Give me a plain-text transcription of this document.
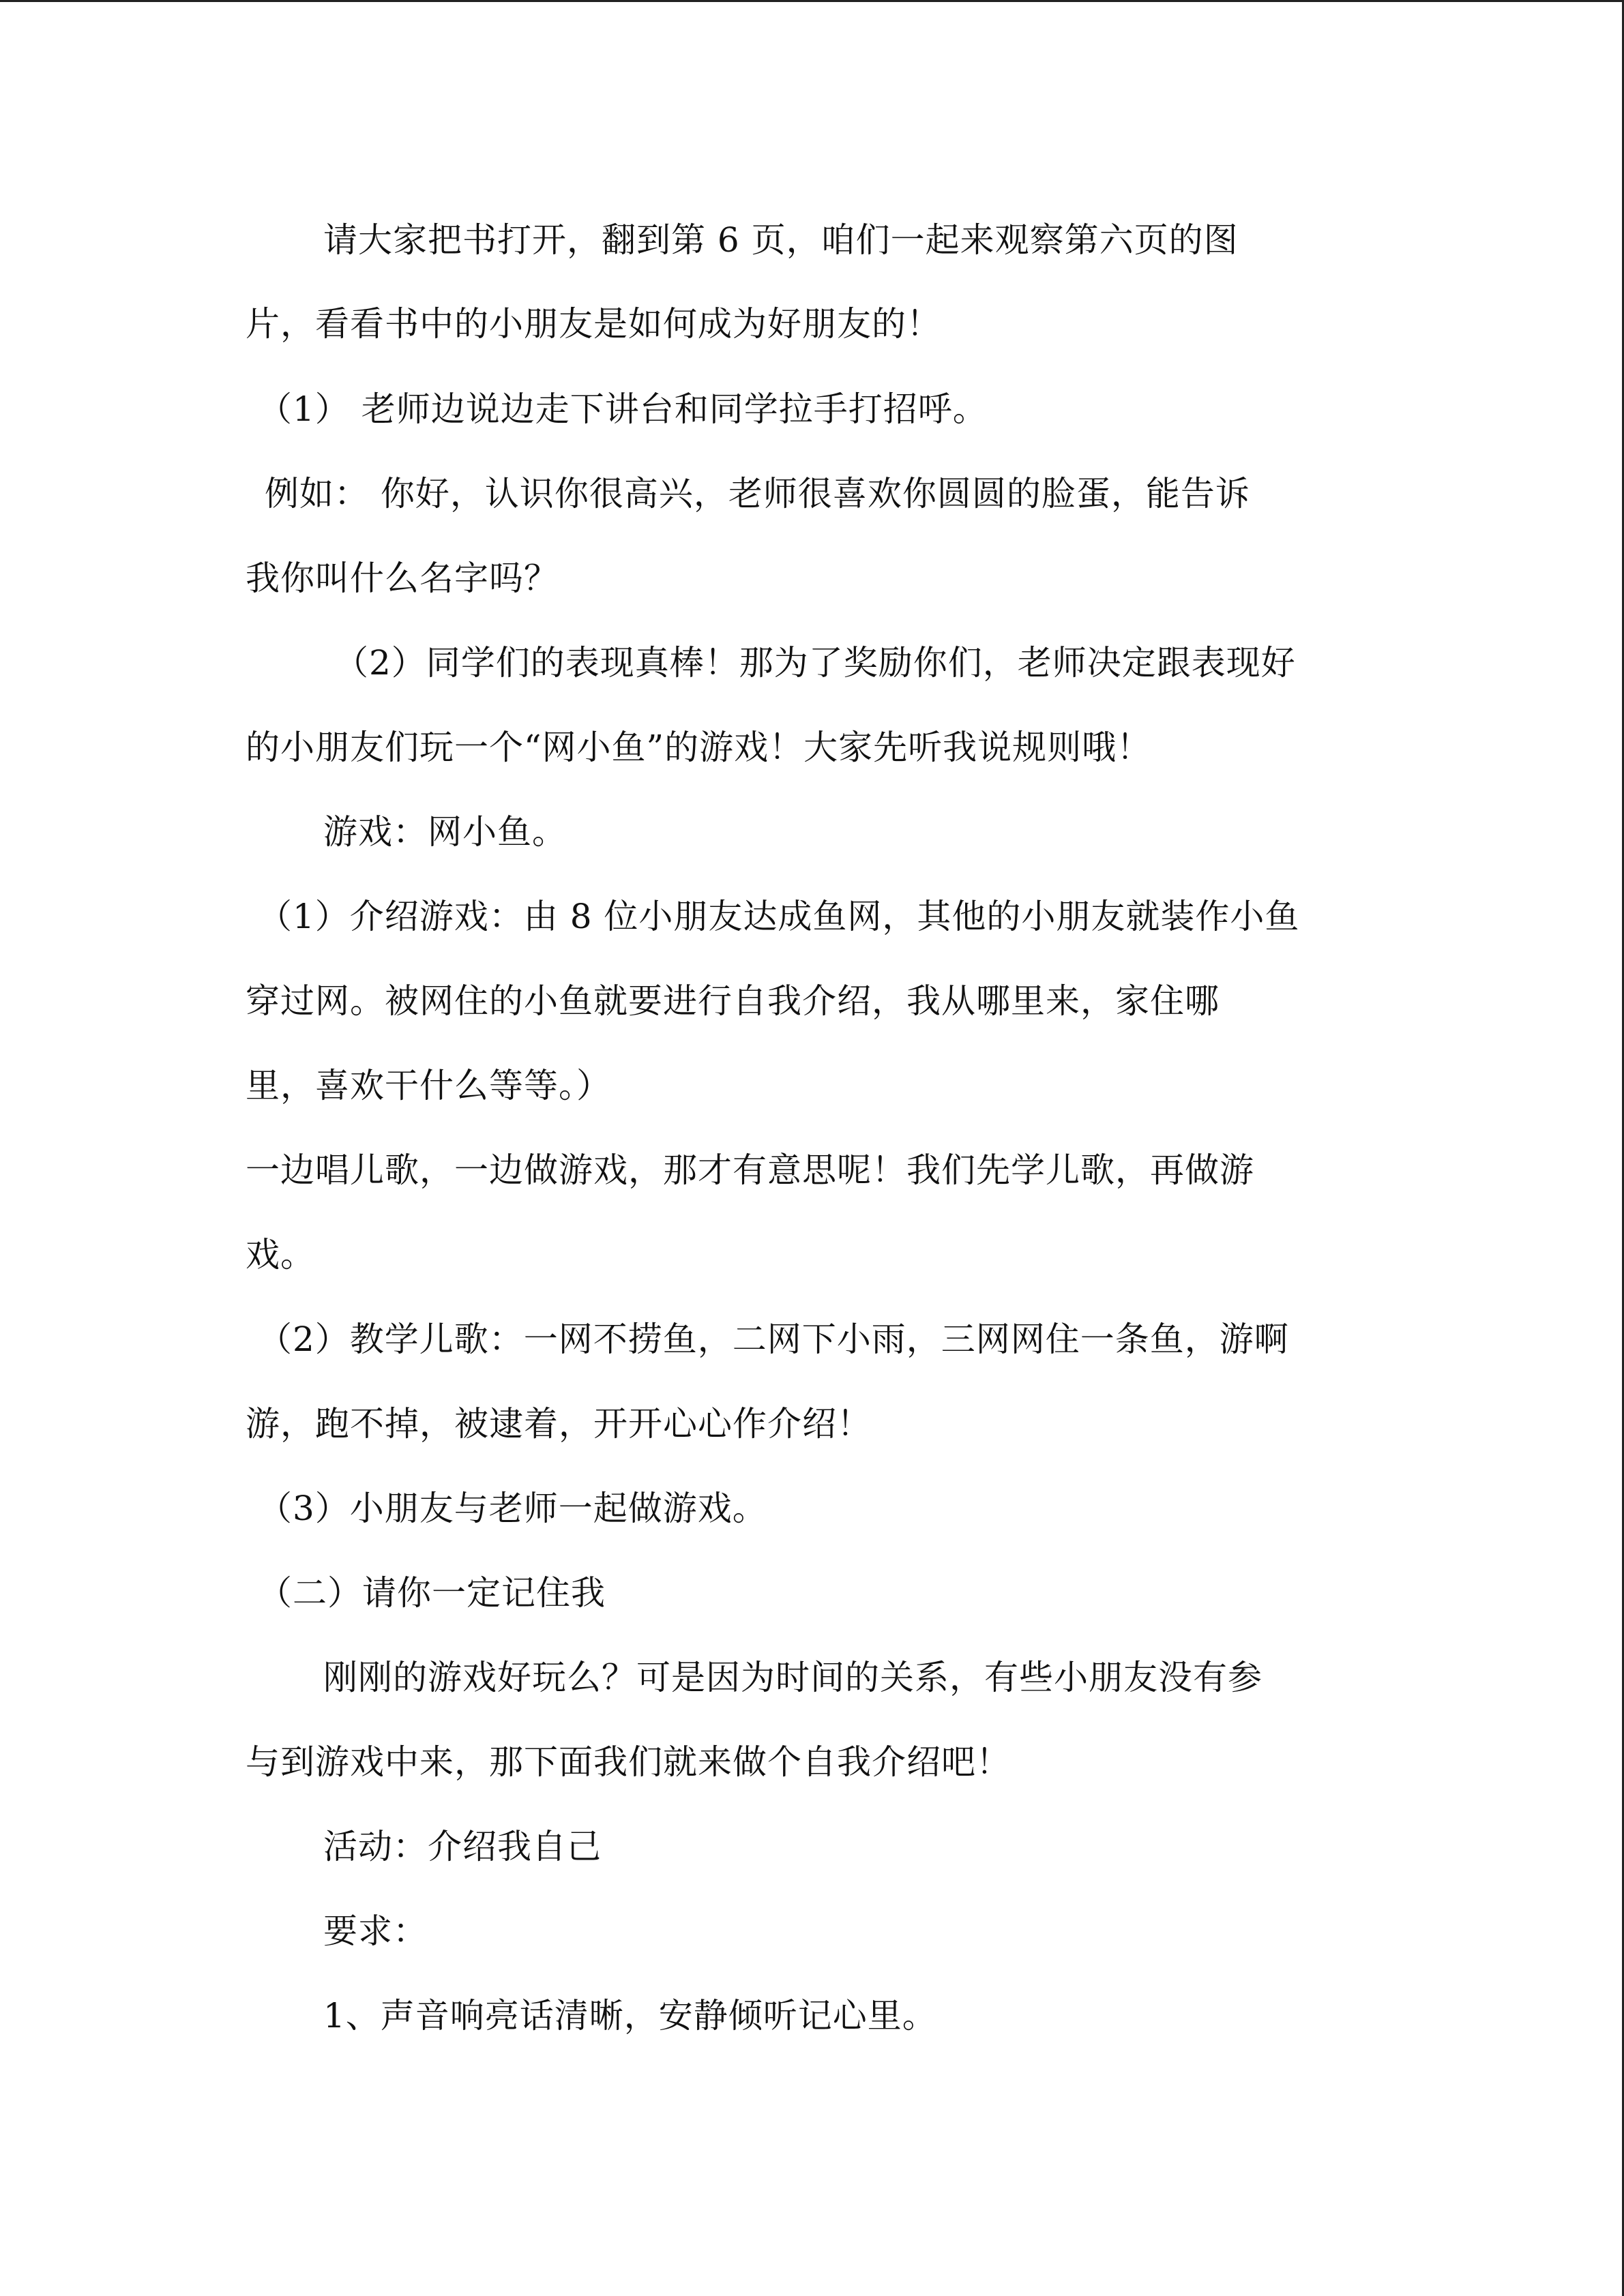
请大家把书打开，翻到第 6 页，咱们一起来观察第六页的图
片，看看书中的小朋友是如何成为好朋友的！
（1） 老师边说边走下讲台和同学拉手打招呼。
例如： 你好，认识你很高兴，老师很喜欢你圆圆的脸蛋，能告诉
我你叫什么名字吗？
（2）同学们的表现真棒！那为了奖励你们，老师决定跟表现好
的小朋友们玩一个“网小鱼”的游戏！大家先听我说规则哦！
游戏：网小鱼。
（1）介绍游戏：由 8 位小朋友达成鱼网，其他的小朋友就装作小鱼
穿过网。被网住的小鱼就要进行自我介绍，我从哪里来，家住哪
里，喜欢干什么等等。）
一边唱儿歌，一边做游戏，那才有意思呢！我们先学儿歌，再做游
戏。
（2）教学儿歌：一网不捞鱼，二网下小雨，三网网住一条鱼，游啊
游，跑不掉，被逮着，开开心心作介绍！
（3）小朋友与老师一起做游戏。
（二）请你一定记住我
刚刚的游戏好玩么？可是因为时间的关系，有些小朋友没有参
与到游戏中来，那下面我们就来做个自我介绍吧！
活动：介绍我自己
要求：
1、声音响亮话清晰，安静倾听记心里。
